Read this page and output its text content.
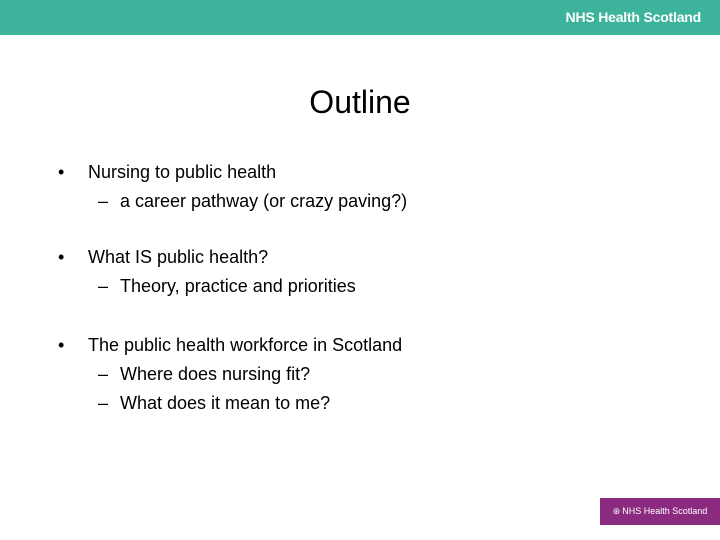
NHS Health Scotland
Outline

•	Nursing to public health

– a career pathway (or crazy paving?)

•	What IS public health?

– Theory, practice and priorities

•	The public health workforce in Scotland

– Where does nursing fit?

– What does it mean to me?

⊛ NHS Health Scotland
